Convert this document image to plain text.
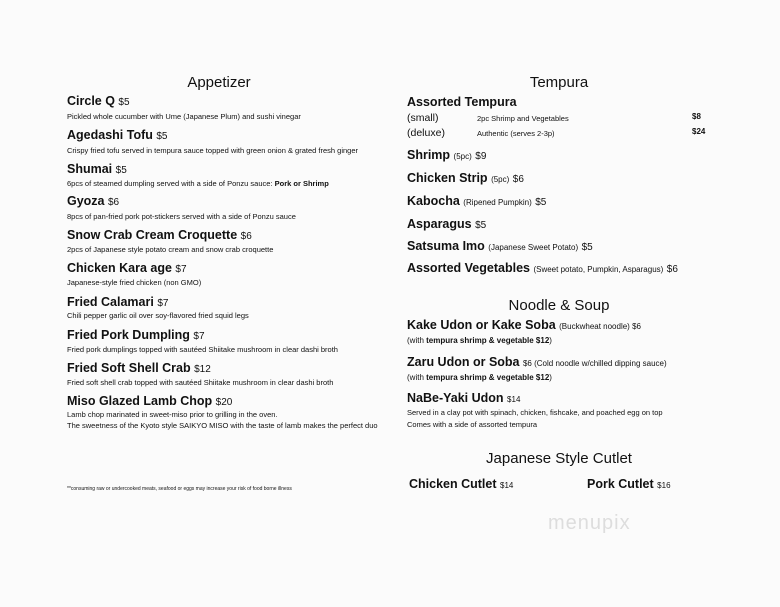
Appetizer
Circle Q $5
Pickled whole cucumber with Ume (Japanese Plum) and sushi vinegar
Agedashi Tofu $5
Crispy fried tofu served in tempura sauce topped with green onion & grated fresh ginger
Shumai $5
6pcs of steamed dumpling served with a side of Ponzu sauce: Pork or Shrimp
Gyoza $6
8pcs of pan-fried pork pot-stickers served with a side of Ponzu sauce
Snow Crab Cream Croquette $6
2pcs of Japanese style potato cream and snow crab croquette
Chicken Kara age $7
Japanese-style fried chicken (non GMO)
Fried Calamari $7
Chili pepper garlic oil over soy-flavored fried squid legs
Fried Pork Dumpling $7
Fried pork dumplings topped with sautéed Shiitake mushroom in clear dashi broth
Fried Soft Shell Crab $12
Fried soft shell crab topped with sautéed Shiitake mushroom in clear dashi broth
Miso Glazed Lamb Chop $20
Lamb chop marinated in sweet-miso prior to grilling in the oven.
The sweetness of the Kyoto style SAIKYO MISO with the taste of lamb makes the perfect duo
**consuming raw or undercooked meats, seafood or eggs may increase your risk of food borne illness
Tempura
Assorted Tempura
(small)	2pc Shrimp and Vegetables	$8
(deluxe)	Authentic (serves 2-3p)	$24
Shrimp (5pc) $9
Chicken Strip (5pc) $6
Kabocha (Ripened Pumpkin) $5
Asparagus $5
Satsuma Imo (Japanese Sweet Potato) $5
Assorted Vegetables (Sweet potato, Pumpkin, Asparagus) $6
Noodle & Soup
Kake Udon or Kake Soba (Buckwheat noodle) $6
(with tempura shrimp & vegetable $12)
Zaru Udon or Soba $6 (Cold noodle w/chilled dipping sauce)
(with tempura shrimp & vegetable $12)
NaBe-Yaki Udon $14
Served in a clay pot with spinach, chicken, fishcake, and poached egg on top
Comes with a side of assorted tempura
Japanese Style Cutlet
Chicken Cutlet $14	Pork Cutlet $16
menupix
